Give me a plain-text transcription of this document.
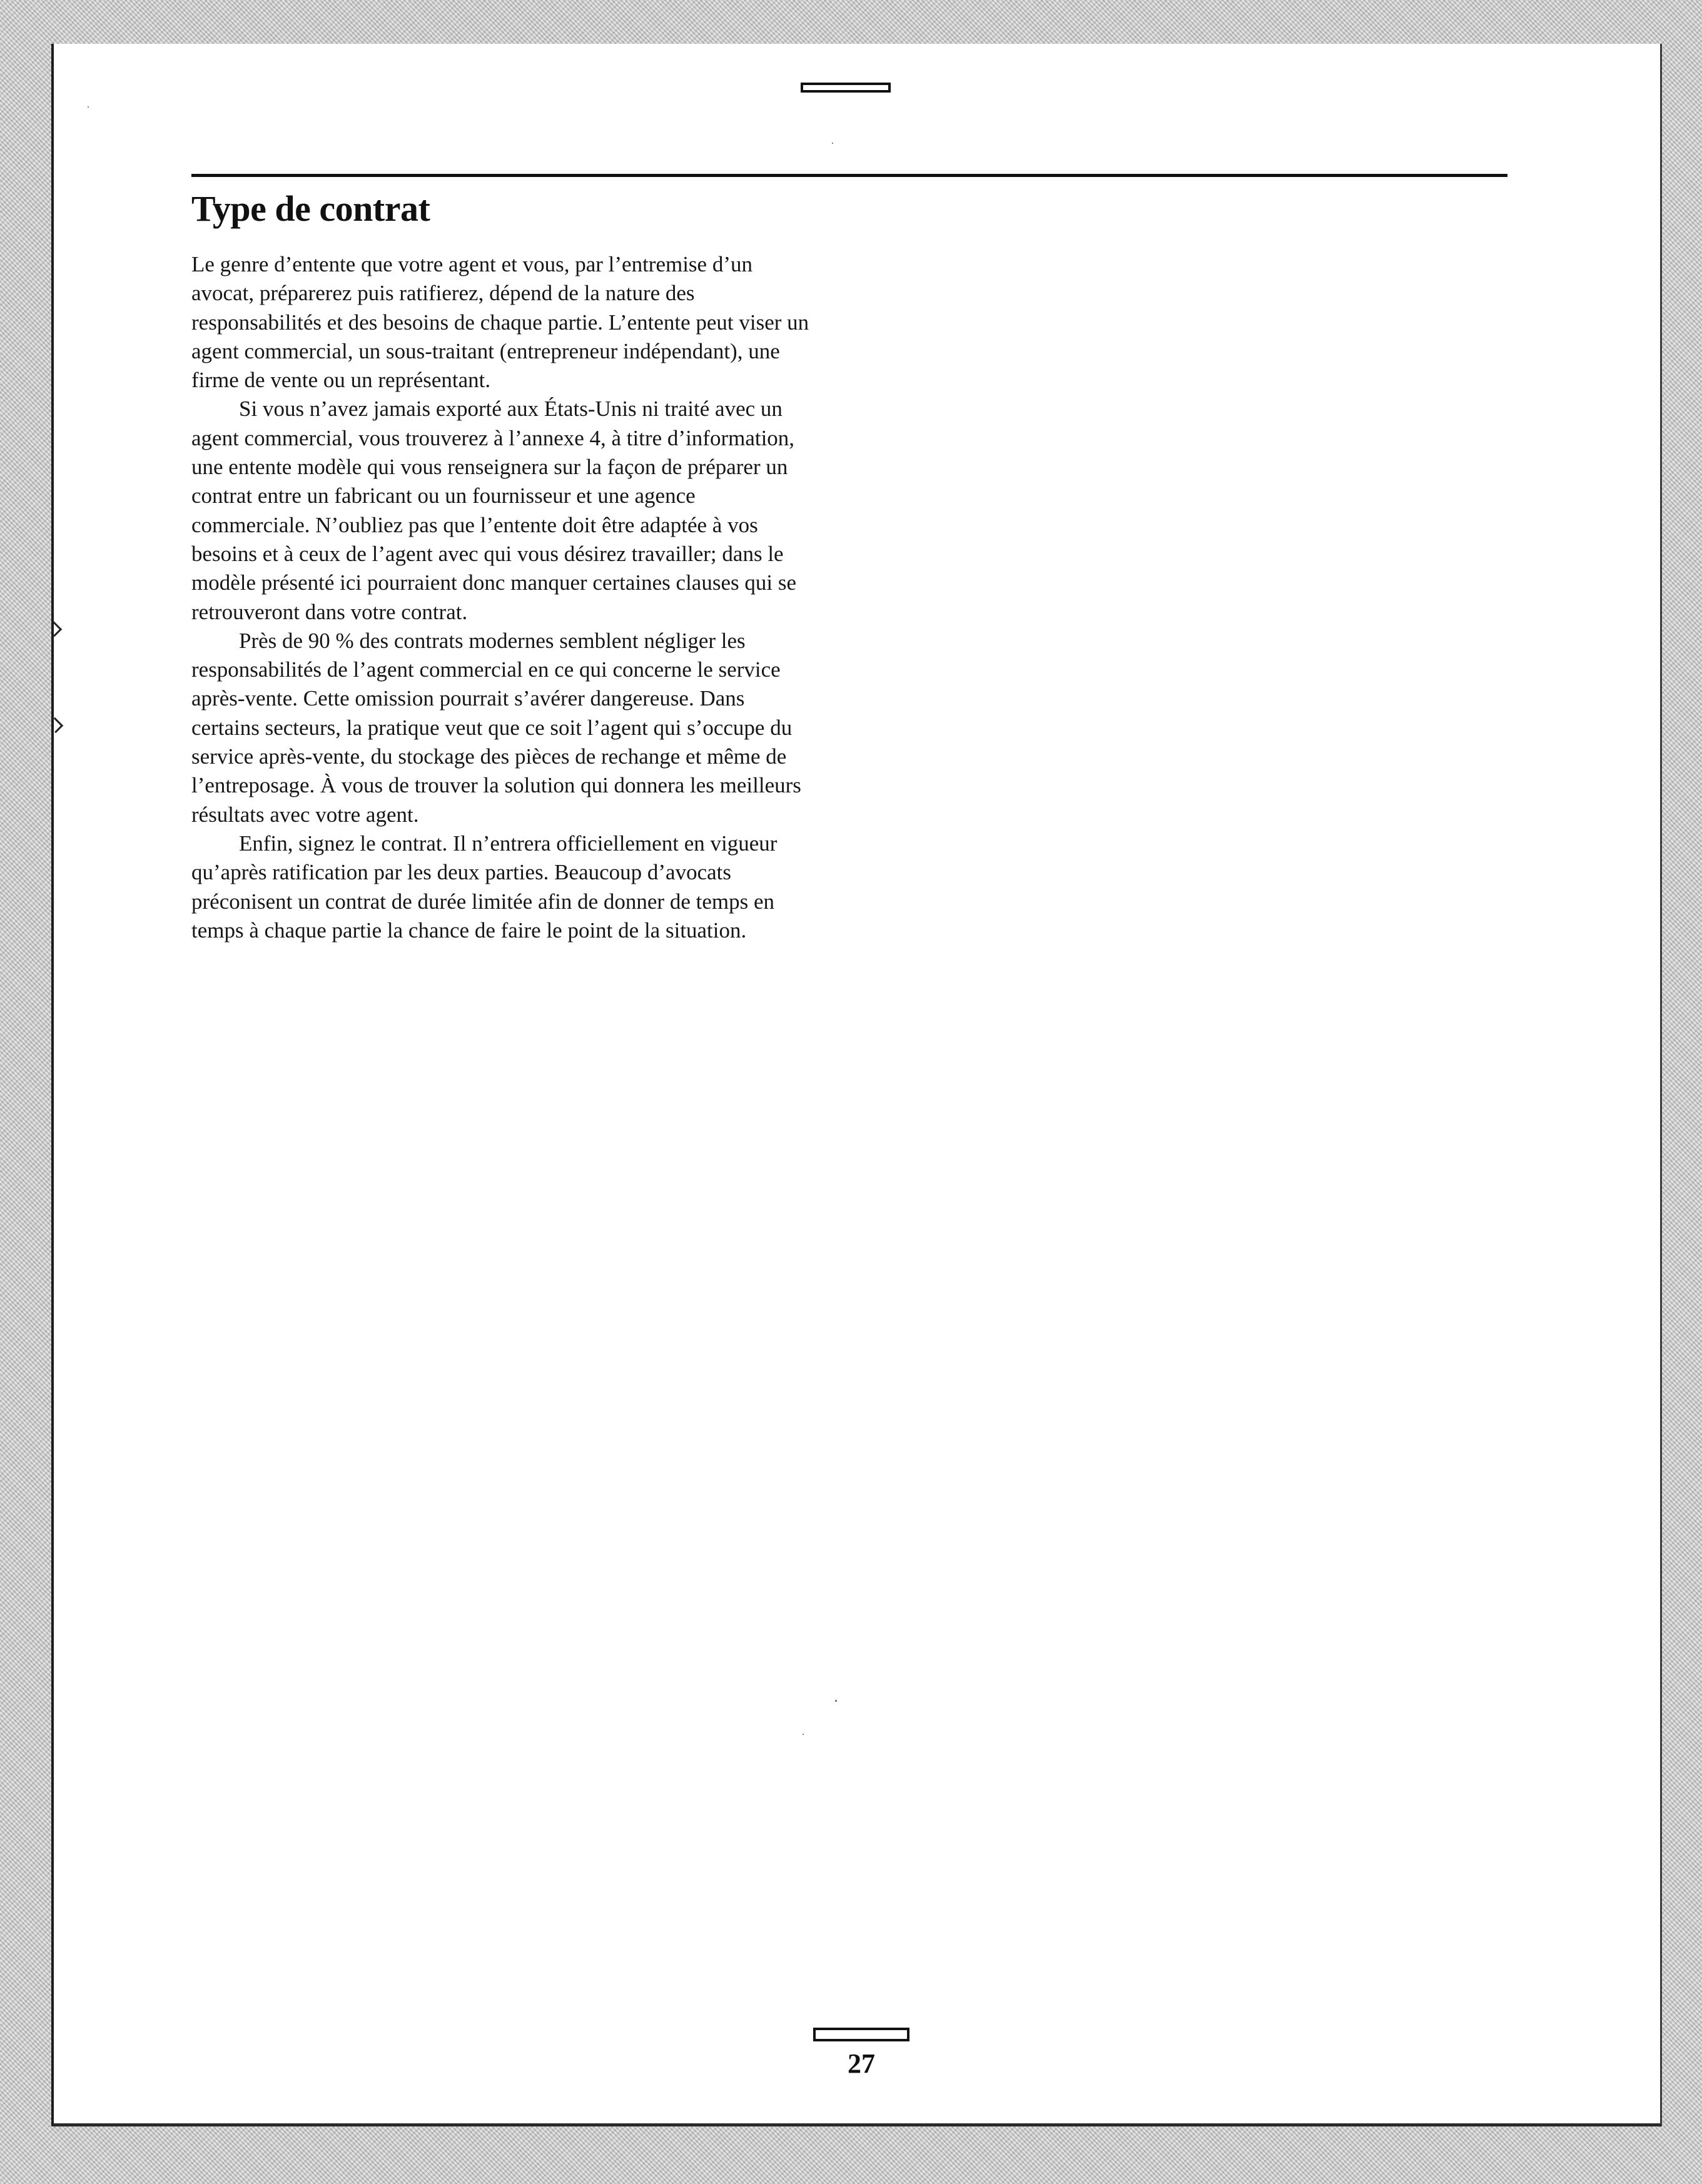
Type de contrat

Le genre d’entente que votre agent et vous, par l’entremise d’un avocat, préparerez puis ratifierez, dépend de la nature des responsabilités et des besoins de chaque partie. L’entente peut viser un agent commercial, un sous-traitant (entrepreneur indépendant), une firme de vente ou un représentant.

Si vous n’avez jamais exporté aux États-Unis ni traité avec un agent commercial, vous trouverez à l’annexe 4, à titre d’information, une entente modèle qui vous renseignera sur la façon de préparer un contrat entre un fabricant ou un fournisseur et une agence commerciale. N’oubliez pas que l’entente doit être adaptée à vos besoins et à ceux de l’agent avec qui vous désirez travailler; dans le modèle présenté ici pourraient donc manquer certaines clauses qui se retrouveront dans votre contrat.

Près de 90 % des contrats modernes semblent négliger les responsabilités de l’agent commercial en ce qui concerne le service après-vente. Cette omission pourrait s’avérer dangereuse. Dans certains secteurs, la pratique veut que ce soit l’agent qui s’occupe du service après-vente, du stockage des pièces de rechange et même de l’entreposage. À vous de trouver la solution qui donnera les meilleurs résultats avec votre agent.

Enfin, signez le contrat. Il n’entrera officiellement en vigueur qu’après ratification par les deux parties. Beaucoup d’avocats préconisent un contrat de durée limitée afin de donner de temps en temps à chaque partie la chance de faire le point de la situation.

27
